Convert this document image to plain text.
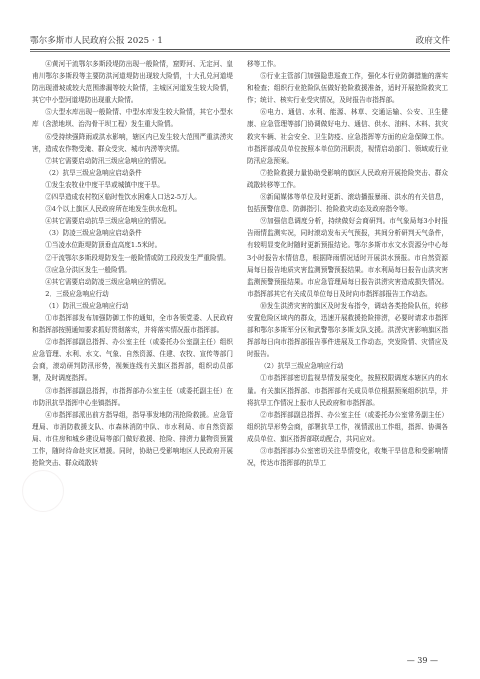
鄂尔多斯市人民政府公报 2025 · 1	政府文件

④黄河干流鄂尔多斯段堤防出现一般险情，窟野河、无定河、皇甫川鄂尔多斯段等主要防洪河道堤防出现较大险情，十大孔兑河道堤防出现滑坡或较大范围渗漏等较大险情，主城区河道发生较大险情，其它中小型河道堤防出现重大险情。

⑤大型水库出现一般险情、中型水库发生较大险情，其它小型水库（含淤地坝、治沟骨干坝工程）发生重大险情。

⑥受持续强降雨或洪水影响，辖区内已发生较大范围严重洪涝灾害，造成农作物受淹、群众受灾、城市内涝等灾情。

⑦其它需要启动防汛三级应急响应的情况。

（2）抗旱三级应急响应启动条件

①发生农牧业中度干旱或城镇中度干旱。

②四旱造成农村牧区临时性饮水困难人口达2-5万人。

③4个以上旗区人民政府所在地发生供水危机。

④其它需要启动抗旱三级应急响应的情况。

（3）防凌三级应急响应启动条件

①当凌水位距堤防顶垂直高度1.5米时。

②干流鄂尔多斯段堤防发生一般险情或防工段段发生严重险情。

③应急分洪区发生一般险情。

④其它需要启动防凌三级应急响应的情况。

2．三级应急响应行动

（1）防汛三级应急响应行动

①市指挥部发布加强防御工作的通知，全市各领党委、人民政府和指挥部按照通知要求抓好贯彻落实，并将落实情况报市指挥部。

②市指挥部副总指挥、办公室主任（或委托办公室副主任）组织应急管理、水利、水文、气象、自然资源、住建、农牧、宣传等部门会商，滚动研判防汛形势，视频连线有关旗区指挥部，组织动员部署，及时调度指挥。

③市指挥部副总指挥，市指挥部办公室主任（或委托副主任）在市防汛抗旱指挥中心坐镇指挥。

④市指挥部派出前方指导组，指导事发地防汛抢险救援。应急管理局、市消防救援支队、市森林消防中队、市水利局、市自然资源局、市住房和城乡建设局等部门做好救援、抢险、排涝力量物资预置工作，随时待命赴灾区增援。同时，协助已受影响地区人民政府开展抢险突击、群众疏散转

移等工作。

⑤行业主管部门加强隐患巡查工作，强化本行业防御措施的落实和检查；组织行业抢险队伍做好抢险救援准备，适时开展抢险救灾工作；统计、核实行业受灾情况，及时报告市指挥部。

⑥电力、通信、水利、能源、林草、交通运输、公安、卫生健康、应急管理等部门协调做好电力、通信、供水、油料、木料、抗灾救灾车辆、社会安全、卫生防疫、应急指挥等方面的应急保障工作。市指挥部成员单位按照本单位防汛职责，视情启动部门、领域或行业防汛应急预案。

⑦抢险救援力量协助受影响的旗区人民政府开展抢险突击、群众疏散转移等工作。

⑧新闻媒体等单位及时更新、滚动播报暴雨、洪水的有关信息，包括预警信息、防御指引、抢险救灾动态及政府指令等。

⑨加强信息调度分析，持续做好会商研判。市气象局每3小时报告雨情监测实况，同时滚动发布天气预报，其间分析研判天气条件，有较明显变化时随时更新预报结论。鄂尔多斯市水文水资源分中心每3小时报告水情信息，根据降雨情况适时开展洪水预报。市自然资源局每日报告地质灾害监测预警预报结果。市水利局每日报告山洪灾害监测预警预报结果。市应急管理局每日报告洪涝灾害造成损失情况。市指挥部其它有关成员单位每日及时向市指挥部报告工作动态。

⑩发生洪涝灾害的旗区及时发布指令，调动各类抢险队伍，转移安置危险区域内的群众，迅速开展救援抢险排涝，必要时请求市指挥部和鄂尔多斯军分区和武警鄂尔多斯支队支援。洪涝灾害影响旗区指挥部每日向市指挥部报告事件进展及工作动态，突发险情、灾情应及时报告。

（2）抗旱三级应急响应行动

①市指挥部密切监视旱情发展变化，按照权限调度本辖区内的水量。有关旗区指挥部、市指挥部有关成员单位根据预案组织抗旱，并将抗旱工作情况上报市人民政府和市指挥部。

②市指挥部副总指挥、办公室主任（或委托办公室常务副主任）组织抗旱形势会商，部署抗旱工作，视情派出工作组，指挥、协调各成员单位、旗区指挥部联动配合，共同应对。

③市指挥部办公室密切关注旱情变化，收集干旱信息和受影响情况，传达市指挥部的抗旱工

— 39 —
